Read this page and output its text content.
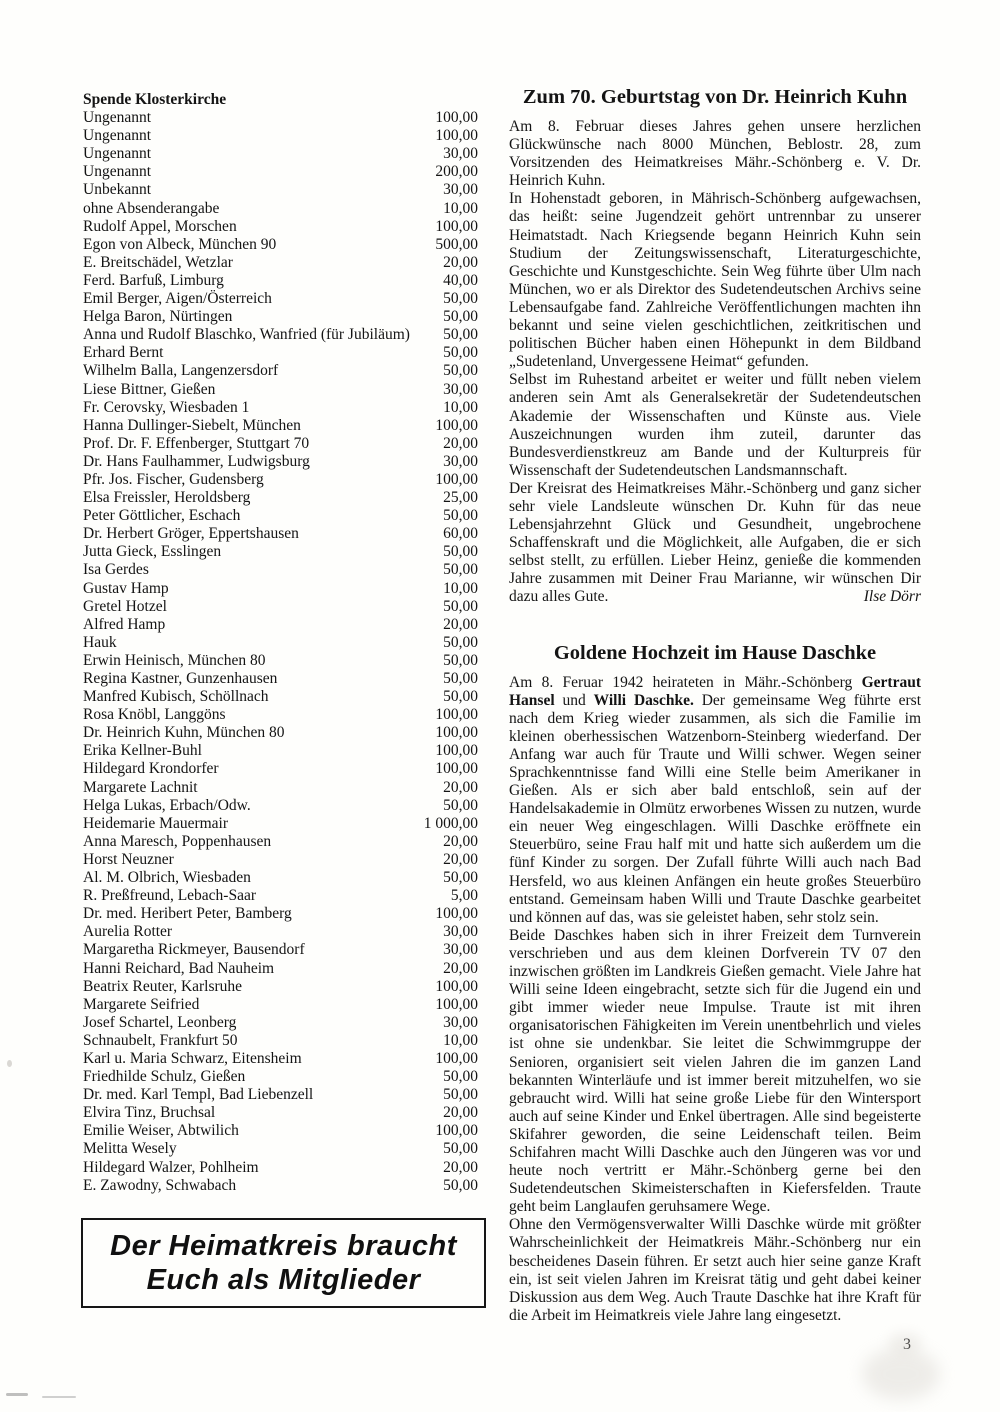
Spende Klosterkirche
Ungenannt	100,00
Ungenannt	100,00
Ungenannt	30,00
Ungenannt	200,00
Unbekannt	30,00
ohne Absenderangabe	10,00
Rudolf Appel, Morschen	100,00
Egon von Albeck, München 90	500,00
E. Breitschädel, Wetzlar	20,00
Ferd. Barfuß, Limburg	40,00
Emil Berger, Aigen/Österreich	50,00
Helga Baron, Nürtingen	50,00
Anna und Rudolf Blaschko, Wanfried (für Jubiläum)	50,00
Erhard Bernt	50,00
Wilhelm Balla, Langenzersdorf	50,00
Liese Bittner, Gießen	30,00
Fr. Cerovsky, Wiesbaden 1	10,00
Hanna Dullinger-Siebelt, München	100,00
Prof. Dr. F. Effenberger, Stuttgart 70	20,00
Dr. Hans Faulhammer, Ludwigsburg	30,00
Pfr. Jos. Fischer, Gudensberg	100,00
Elsa Freissler, Heroldsberg	25,00
Peter Göttlicher, Eschach	50,00
Dr. Herbert Gröger, Eppertshausen	60,00
Jutta Gieck, Esslingen	50,00
Isa Gerdes	50,00
Gustav Hamp	10,00
Gretel Hotzel	50,00
Alfred Hamp	20,00
Hauk	50,00
Erwin Heinisch, München 80	50,00
Regina Kastner, Gunzenhausen	50,00
Manfred Kubisch, Schöllnach	50,00
Rosa Knöbl, Langgöns	100,00
Dr. Heinrich Kuhn, München 80	100,00
Erika Kellner-Buhl	100,00
Hildegard Krondorfer	100,00
Margarete Lachnit	20,00
Helga Lukas, Erbach/Odw.	50,00
Heidemarie Mauermair	1 000,00
Anna Maresch, Poppenhausen	20,00
Horst Neuzner	20,00
Al. M. Olbrich, Wiesbaden	50,00
R. Preßfreund, Lebach-Saar	5,00
Dr. med. Heribert Peter, Bamberg	100,00
Aurelia Rotter	30,00
Margaretha Rickmeyer, Bausendorf	30,00
Hanni Reichard, Bad Nauheim	20,00
Beatrix Reuter, Karlsruhe	100,00
Margarete Seifried	100,00
Josef Schartel, Leonberg	30,00
Schnaubelt, Frankfurt 50	10,00
Karl u. Maria Schwarz, Eitensheim	100,00
Friedhilde Schulz, Gießen	50,00
Dr. med. Karl Templ, Bad Liebenzell	50,00
Elvira Tinz, Bruchsal	20,00
Emilie Weiser, Abtwilich	100,00
Melitta Wesely	50,00
Hildegard Walzer, Pohlheim	20,00
E. Zawodny, Schwabach	50,00
Zum 70. Geburtstag von Dr. Heinrich Kuhn

Am 8. Februar dieses Jahres gehen unsere herzlichen Glückwünsche nach 8000 München, Beblostr. 28, zum Vorsitzenden des Heimatkreises Mähr.-Schönberg e. V. Dr. Heinrich Kuhn.

In Hohenstadt geboren, in Mährisch-Schönberg aufgewachsen, das heißt: seine Jugendzeit gehört untrennbar zu unserer Heimatstadt. Nach Kriegsende begann Heinrich Kuhn sein Studium der Zeitungswissenschaft, Literaturgeschichte, Geschichte und Kunstgeschichte. Sein Weg führte über Ulm nach München, wo er als Direktor des Sudetendeutschen Archivs seine Lebensaufgabe fand. Zahlreiche Veröffentlichungen machten ihn bekannt und seine vielen geschichtlichen, zeitkritischen und politischen Bücher haben einen Höhepunkt in dem Bildband „Sudetenland, Unvergessene Heimat“ gefunden.

Selbst im Ruhestand arbeitet er weiter und füllt neben vielem anderen sein Amt als Generalsekretär der Sudetendeutschen Akademie der Wissenschaften und Künste aus. Viele Auszeichnungen wurden ihm zuteil, darunter das Bundesverdienstkreuz am Bande und der Kulturpreis für Wissenschaft der Sudetendeutschen Landsmannschaft.

Der Kreisrat des Heimatkreises Mähr.-Schönberg und ganz sicher sehr viele Landsleute wünschen Dr. Kuhn für das neue Lebensjahrzehnt Glück und Gesundheit, ungebrochene Schaffenskraft und die Möglichkeit, alle Aufgaben, die er sich selbst stellt, zu erfüllen. Lieber Heinz, genieße die kommenden Jahre zusammen mit Deiner Frau Marianne, wir wünschen Dir dazu alles Gute.	Ilse Dörr

Goldene Hochzeit im Hause Daschke

Am 8. Feruar 1942 heirateten in Mähr.-Schönberg Gertraut Hansel und Willi Daschke. Der gemeinsame Weg führte erst nach dem Krieg wieder zusammen, als sich die Familie im kleinen oberhessischen Watzenborn-Steinberg wiederfand. Der Anfang war auch für Traute und Willi schwer. Wegen seiner Sprachkenntnisse fand Willi eine Stelle beim Amerikaner in Gießen. Als er sich aber bald entschloß, sein auf der Handelsakademie in Olmütz erworbenes Wissen zu nutzen, wurde ein neuer Weg eingeschlagen. Willi Daschke eröffnete ein Steuerbüro, seine Frau half mit und hatte sich außerdem um die fünf Kinder zu sorgen. Der Zufall führte Willi auch nach Bad Hersfeld, wo aus kleinen Anfängen ein heute großes Steuerbüro entstand. Gemeinsam haben Willi und Traute Daschke gearbeitet und können auf das, was sie geleistet haben, sehr stolz sein.

Beide Daschkes haben sich in ihrer Freizeit dem Turnverein verschrieben und aus dem kleinen Dorfverein TV 07 den inzwischen größten im Landkreis Gießen gemacht. Viele Jahre hat Willi seine Ideen eingebracht, setzte sich für die Jugend ein und gibt immer wieder neue Impulse. Traute ist mit ihren organisatorischen Fähigkeiten im Verein unentbehrlich und vieles ist ohne sie undenkbar. Sie leitet die Schwimmgruppe der Senioren, organisiert seit vielen Jahren die im ganzen Land bekannten Winterläufe und ist immer bereit mitzuhelfen, wo sie gebraucht wird. Willi hat seine große Liebe für den Wintersport auch auf seine Kinder und Enkel übertragen. Alle sind begeisterte Skifahrer geworden, die seine Leidenschaft teilen. Beim Schifahren macht Willi Daschke auch den Jüngeren was vor und heute noch vertritt er Mähr.-Schönberg gerne bei den Sudetendeutschen Skimeisterschaften in Kiefersfelden. Traute geht beim Langlaufen geruhsamere Wege.

Ohne den Vermögensverwalter Willi Daschke würde mit größter Wahrscheinlichkeit der Heimatkreis Mähr.-Schönberg nur ein bescheidenes Dasein führen. Er setzt auch hier seine ganze Kraft ein, ist seit vielen Jahren im Kreisrat tätig und geht dabei keiner Diskussion aus dem Weg. Auch Traute Daschke hat ihre Kraft für die Arbeit im Heimatkreis viele Jahre lang eingesetzt.

Der Heimatkreis braucht
Euch als Mitglieder
3
